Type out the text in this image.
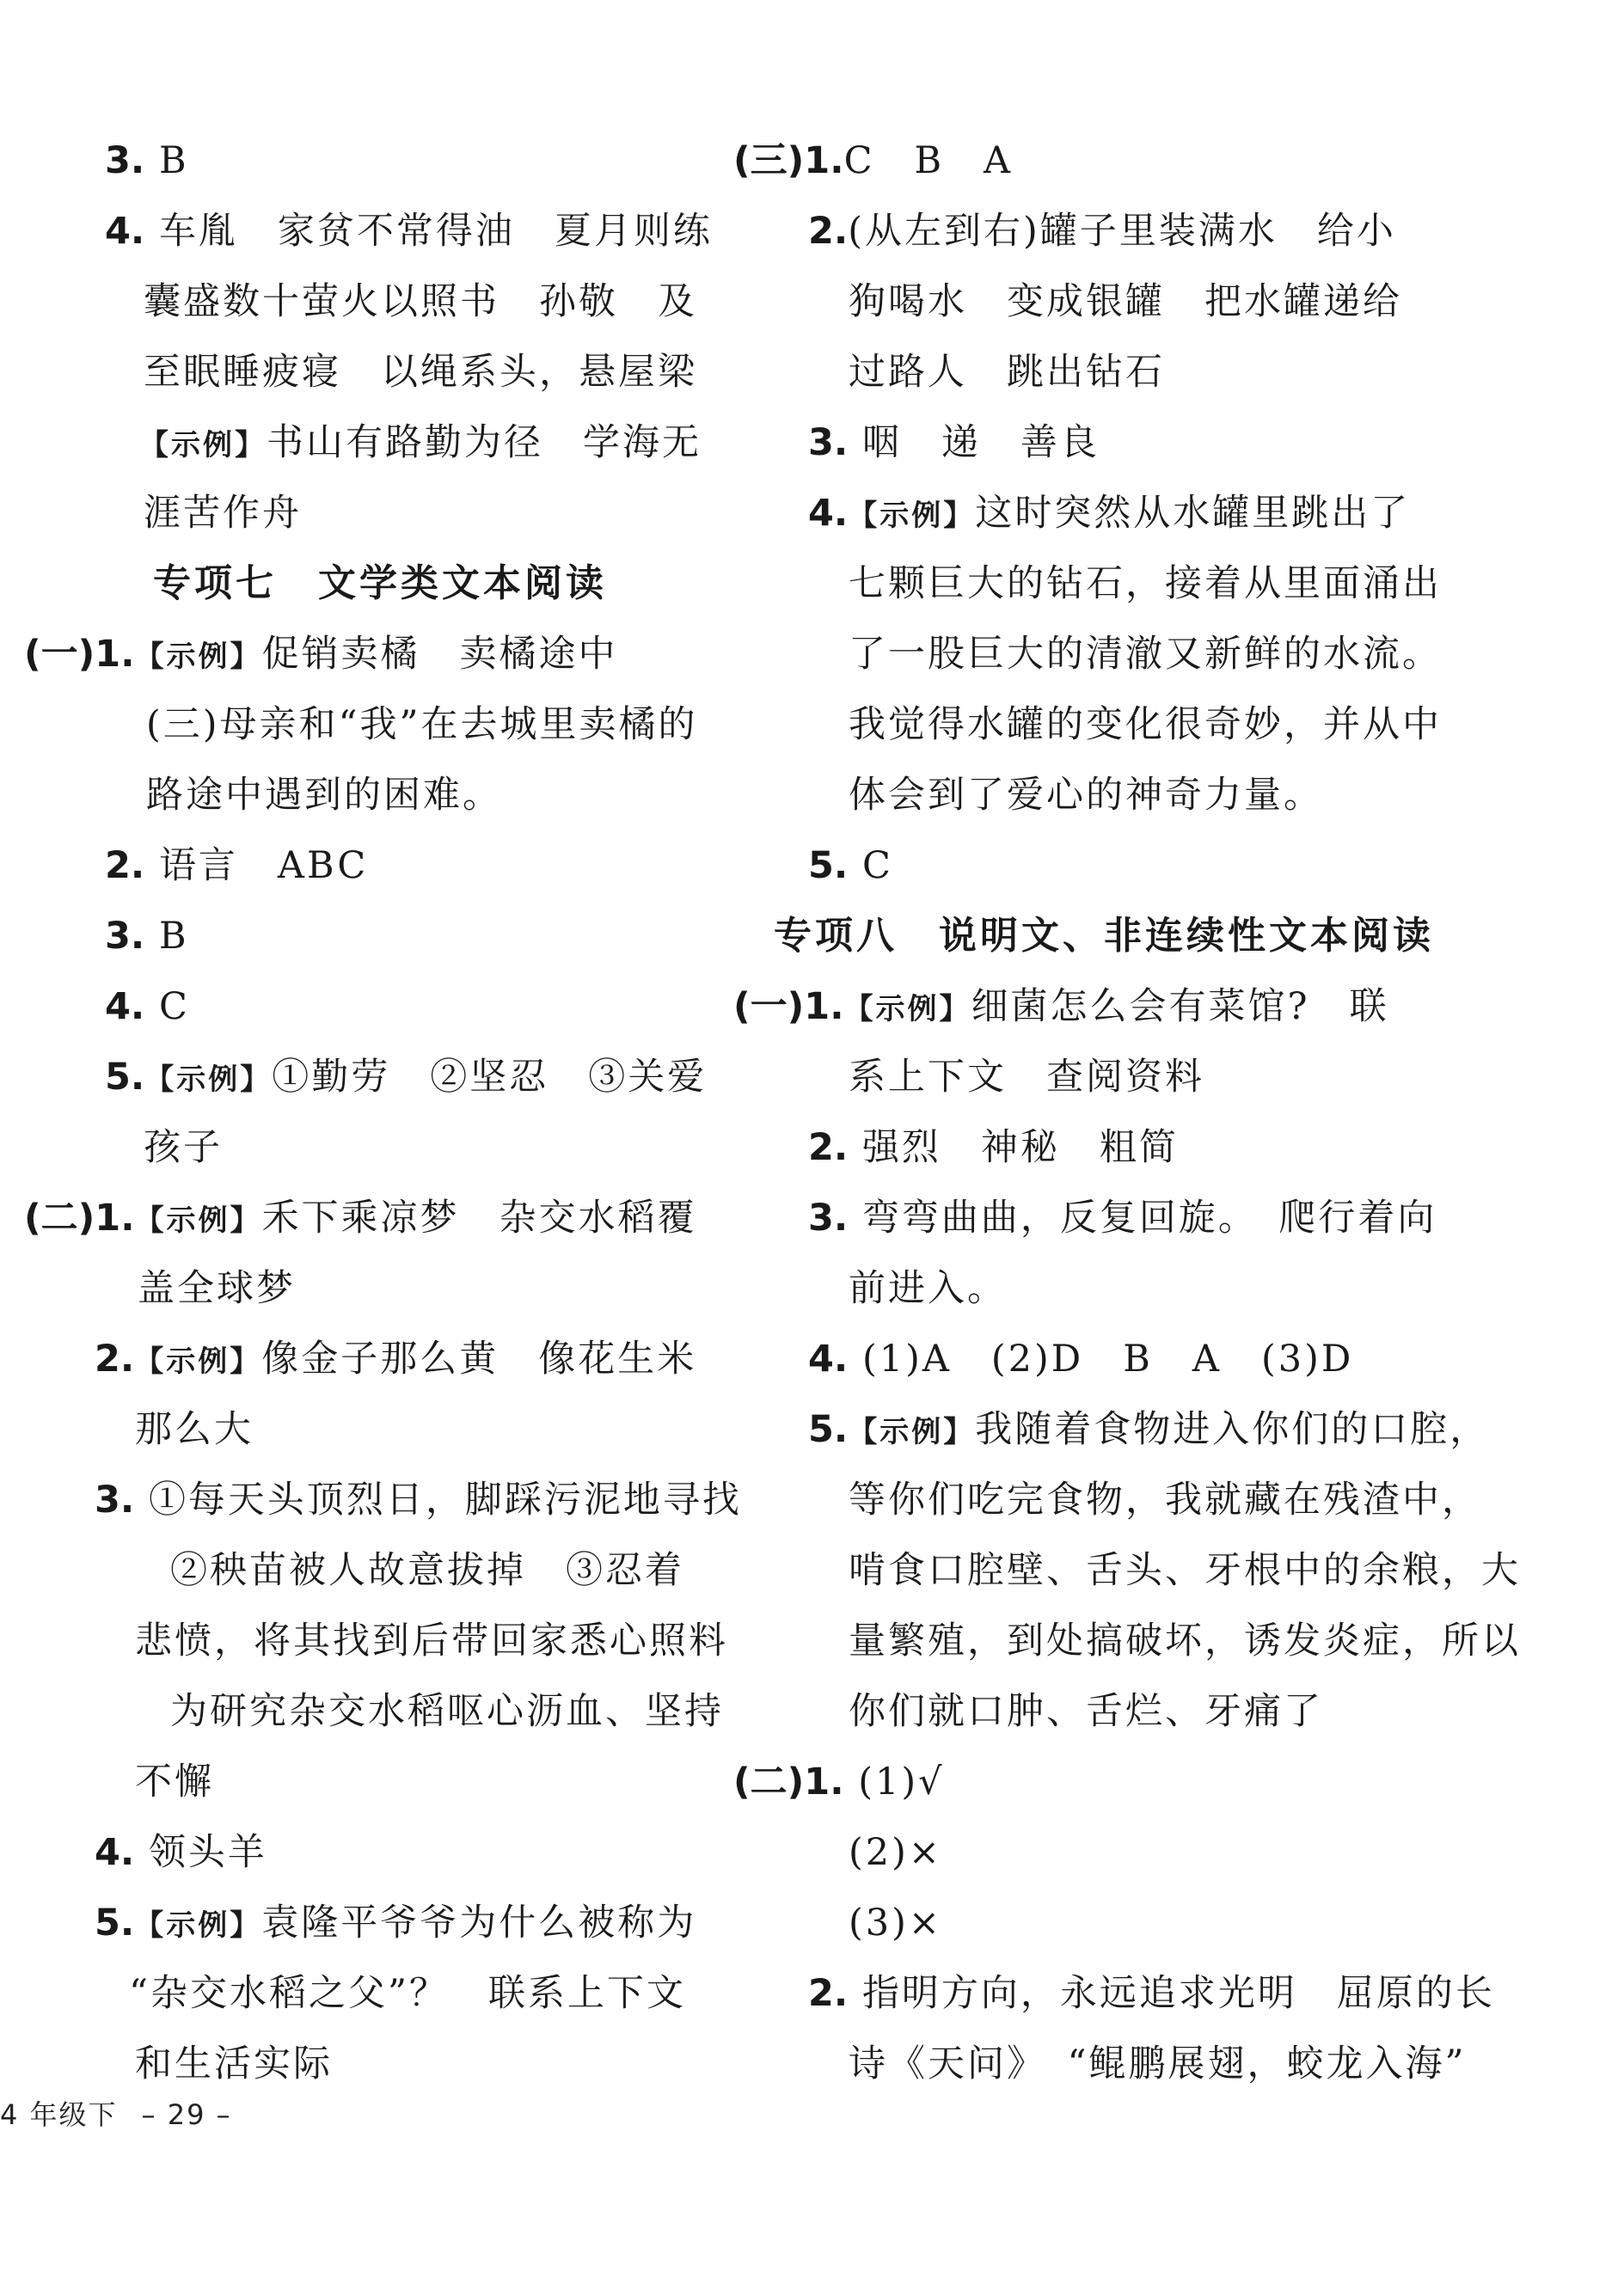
3. B
4. 车胤　家贫不常得油　夏月则练
囊盛数十萤火以照书　孙敬　及
至眠睡疲寝　以绳系头，悬屋梁
【示例】书山有路勤为径　学海无
涯苦作舟
专项七　文学类文本阅读
(一)1.【示例】促销卖橘　卖橘途中
(三)母亲和“我”在去城里卖橘的
路途中遇到的困难。
2. 语言　ABC
3. B
4. C
5.【示例】①勤劳　②坚忍　③关爱
孩子
(二)1.【示例】禾下乘凉梦　杂交水稻覆
盖全球梦
2.【示例】像金子那么黄　像花生米
那么大
3. ①每天头顶烈日，脚踩污泥地寻找
②秧苗被人故意拔掉　③忍着
悲愤，将其找到后带回家悉心照料
为研究杂交水稻呕心沥血、坚持
不懈
4. 领头羊
5.【示例】袁隆平爷爷为什么被称为
“杂交水稻之父”？　联系上下文
和生活实际
(三)1.C　B　A
2.(从左到右)罐子里装满水　给小
狗喝水　变成银罐　把水罐递给
过路人　跳出钻石
3. 咽　递　善良
4.【示例】这时突然从水罐里跳出了
七颗巨大的钻石，接着从里面涌出
了一股巨大的清澈又新鲜的水流。
我觉得水罐的变化很奇妙，并从中
体会到了爱心的神奇力量。
5. C
专项八　说明文、非连续性文本阅读
(一)1.【示例】细菌怎么会有菜馆?　联
系上下文　查阅资料
2. 强烈　神秘　粗简
3. 弯弯曲曲，反复回旋。　爬行着向
前进入。
4. (1)A　(2)D　B　A　(3)D
5.【示例】我随着食物进入你们的口腔，
等你们吃完食物，我就藏在残渣中，
啃食口腔壁、舌头、牙根中的余粮，大
量繁殖，到处搞破坏，诱发炎症，所以
你们就口肿、舌烂、牙痛了
(二)1. (1)√
(2)×
(3)×
2. 指明方向，永远追求光明　屈原的长
诗《天问》　“鲲鹏展翅，蛟龙入海”
4 年级下 – 29 –
